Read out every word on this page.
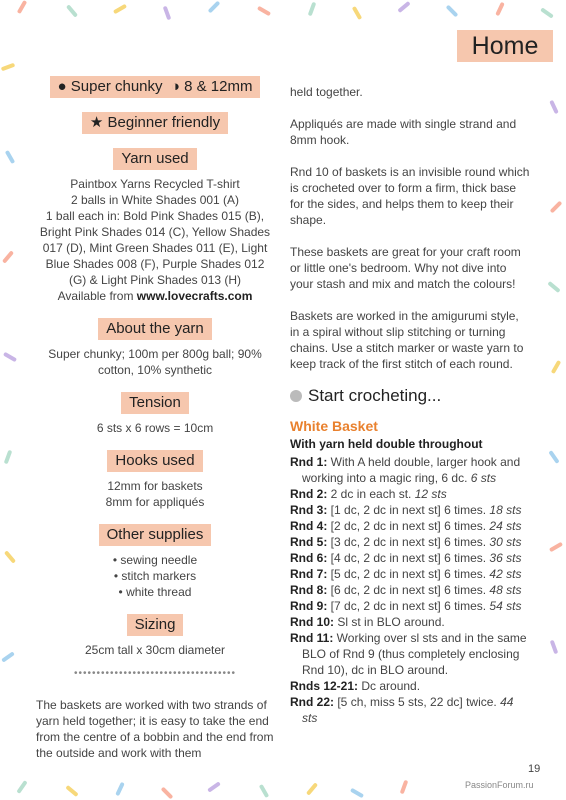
Home
● Super chunky ◑ 8 & 12mm
★ Beginner friendly
Yarn used
Paintbox Yarns Recycled T-shirt
2 balls in White Shades 001 (A)
1 ball each in: Bold Pink Shades 015 (B), Bright Pink Shades 014 (C), Yellow Shades 017 (D), Mint Green Shades 011 (E), Light Blue Shades 008 (F), Purple Shades 012 (G) & Light Pink Shades 013 (H)
Available from www.lovecrafts.com
About the yarn
Super chunky; 100m per 800g ball; 90% cotton, 10% synthetic
Tension
6 sts x 6 rows = 10cm
Hooks used
12mm for baskets
8mm for appliqués
Other supplies
• sewing needle
• stitch markers
• white thread
Sizing
25cm tall x 30cm diameter
••••••••••••••••••••••••••••••••••••
The baskets are worked with two strands of yarn held together; it is easy to take the end from the centre of a bobbin and the end from the outside and work with them

held together.

Appliqués are made with single strand and 8mm hook.

Rnd 10 of baskets is an invisible round which is crocheted over to form a firm, thick base for the sides, and helps them to keep their shape.

These baskets are great for your craft room or little one's bedroom. Why not dive into your stash and mix and match the colours!

Baskets are worked in the amigurumi style, in a spiral without slip stitching or turning chains. Use a stitch marker or waste yarn to keep track of the first stitch of each round.

Start crocheting...
White Basket
With yarn held double throughout
Rnd 1: With A held double, larger hook and working into a magic ring, 6 dc. 6 sts
Rnd 2: 2 dc in each st. 12 sts
Rnd 3: [1 dc, 2 dc in next st] 6 times. 18 sts
Rnd 4: [2 dc, 2 dc in next st] 6 times. 24 sts
Rnd 5: [3 dc, 2 dc in next st] 6 times. 30 sts
Rnd 6: [4 dc, 2 dc in next st] 6 times. 36 sts
Rnd 7: [5 dc, 2 dc in next st] 6 times. 42 sts
Rnd 8: [6 dc, 2 dc in next st] 6 times. 48 sts
Rnd 9: [7 dc, 2 dc in next st] 6 times. 54 sts
Rnd 10: Sl st in BLO around.
Rnd 11: Working over sl sts and in the same BLO of Rnd 9 (thus completely enclosing Rnd 10), dc in BLO around.
Rnds 12-21: Dc around.
Rnd 22: [5 ch, miss 5 sts, 22 dc] twice. 44 sts
19
PassionForum.ru
